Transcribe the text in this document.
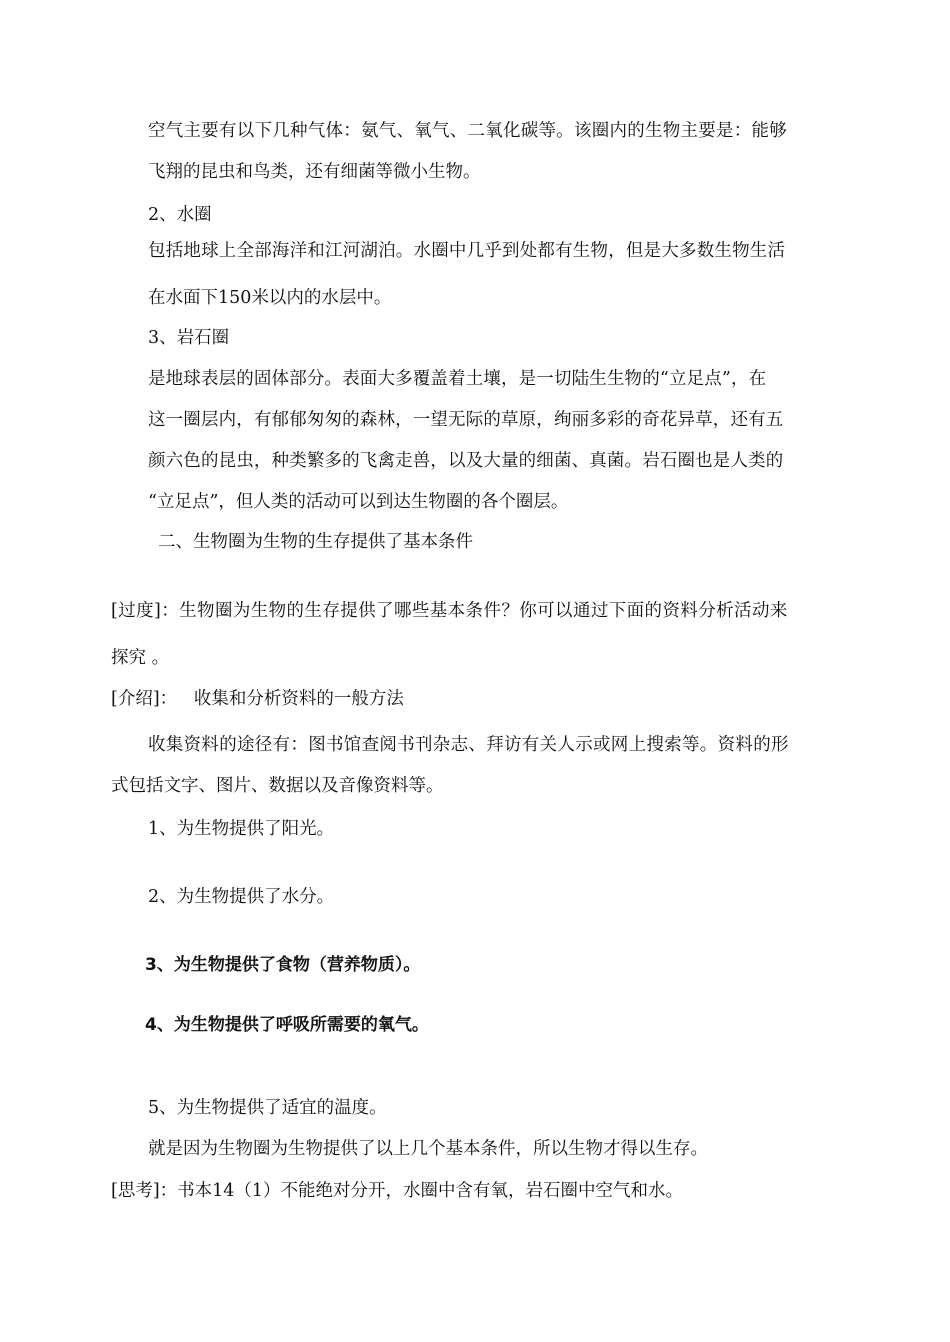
空气主要有以下几种气体：氨气、氧气、二氧化碳等。该圈内的生物主要是：能够
飞翔的昆虫和鸟类，还有细菌等微小生物。
2、水圈
包括地球上全部海洋和江河湖泊。水圈中几乎到处都有生物，但是大多数生物生活
在水面下150米以内的水层中。
3、岩石圈
是地球表层的固体部分。表面大多覆盖着土壤，是一切陆生生物的“立足点”，在
这一圈层内，有郁郁匆匆的森林，一望无际的草原，绚丽多彩的奇花异草，还有五
颜六色的昆虫，种类繁多的飞禽走兽，以及大量的细菌、真菌。岩石圈也是人类的
“立足点”，但人类的活动可以到达生物圈的各个圈层。
二、生物圈为生物的生存提供了基本条件
[过度]：生物圈为生物的生存提供了哪些基本条件？你可以通过下面的资料分析活动来
探究 。
[介绍]：   收集和分析资料的一般方法
收集资料的途径有：图书馆查阅书刊杂志、拜访有关人示或网上搜索等。资料的形
式包括文字、图片、数据以及音像资料等。
1、为生物提供了阳光。
2、为生物提供了水分。
3、为生物提供了食物（营养物质）。
4、为生物提供了呼吸所需要的氧气。
5、为生物提供了适宜的温度。
就是因为生物圈为生物提供了以上几个基本条件，所以生物才得以生存。
[思考]：书本14（1）不能绝对分开，水圈中含有氧，岩石圈中空气和水。
